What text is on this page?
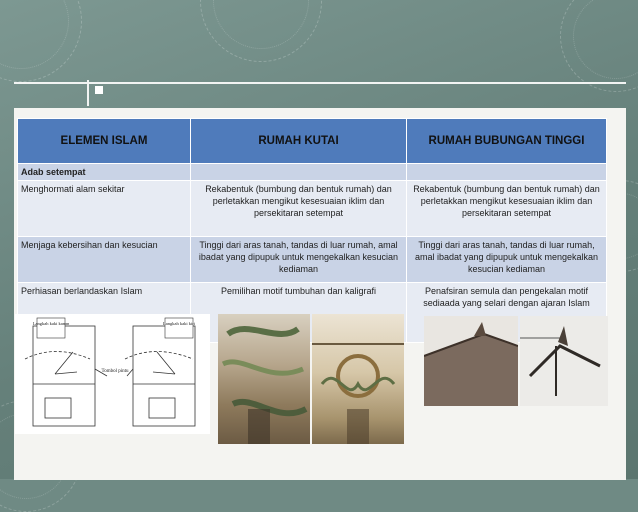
ELEMEN ISLAM	RUMAH KUTAI	RUMAH BUBUNGAN TINGGI
Adab setempat		
Menghormati alam sekitar	Rekabentuk (bumbung dan bentuk rumah) dan perletakkan mengikut kesesuaian iklim dan persekitaran setempat	Rekabentuk (bumbung dan bentuk rumah) dan perletakkan mengikut kesesuaian iklim dan persekitaran setempat
Menjaga kebersihan dan kesucian	Tinggi dari aras tanah, tandas di luar rumah, amal ibadat yang dipupuk untuk mengekalkan kesucian kediaman	Tinggi dari aras tanah, tandas di luar rumah, amal ibadat yang dipupuk untuk mengekalkan kesucian kediaman
Perhiasan berlandaskan Islam	Pemilihan motif tumbuhan dan kaligrafi	Penafsiran semula dan pengekalan motif sediaada yang selari dengan ajaran Islam
Langkah kaki kanan	Langkah kaki kiri
Tombol pintu
